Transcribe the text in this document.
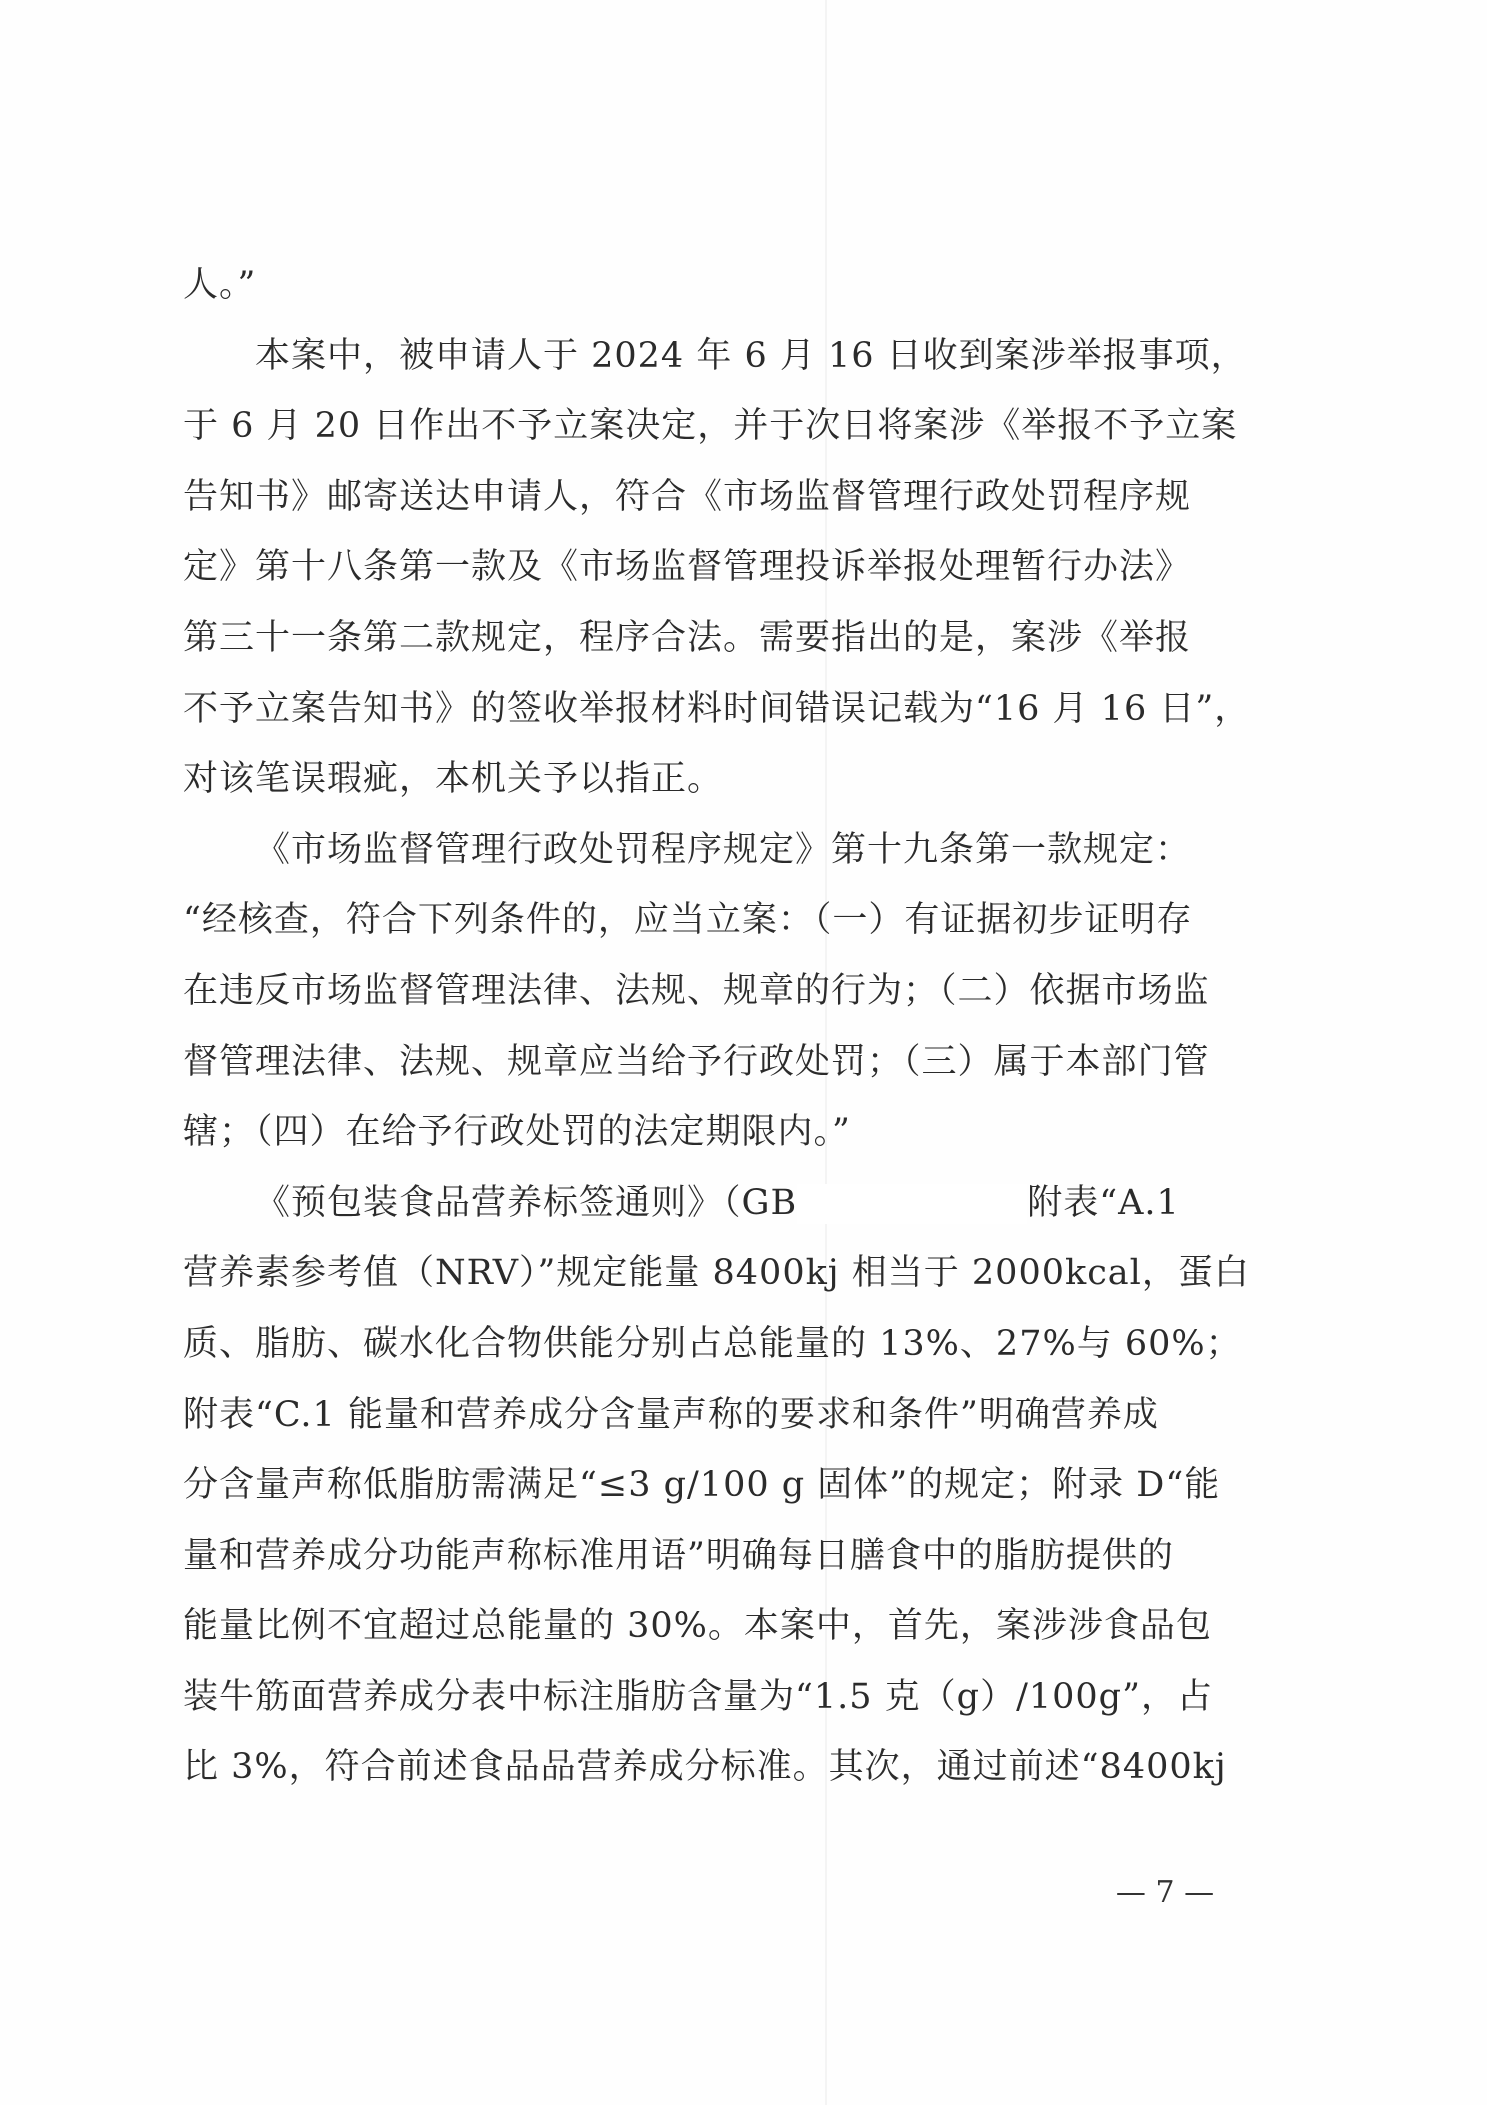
人。”
本案中，被申请人于 2024 年 6 月 16 日收到案涉举报事项，
于 6 月 20 日作出不予立案决定，并于次日将案涉《举报不予立案
告知书》邮寄送达申请人，符合《市场监督管理行政处罚程序规
定》第十八条第一款及《市场监督管理投诉举报处理暂行办法》
第三十一条第二款规定，程序合法。需要指出的是，案涉《举报
不予立案告知书》的签收举报材料时间错误记载为“16 月 16 日”，
对该笔误瑕疵，本机关予以指正。
《市场监督管理行政处罚程序规定》第十九条第一款规定：
“经核查，符合下列条件的，应当立案：（一）有证据初步证明存
在违反市场监督管理法律、法规、规章的行为；（二）依据市场监
督管理法律、法规、规章应当给予行政处罚；（三）属于本部门管
辖；（四）在给予行政处罚的法定期限内。”
《预包装食品营养标签通则》（GB	附表“A.1
营养素参考值（NRV）”规定能量 8400kj 相当于 2000kcal，蛋白
质、脂肪、碳水化合物供能分别占总能量的 13%、27%与 60%；
附表“C.1 能量和营养成分含量声称的要求和条件”明确营养成
分含量声称低脂肪需满足“≤3 g/100 g 固体”的规定；附录 D“能
量和营养成分功能声称标准用语”明确每日膳食中的脂肪提供的
能量比例不宜超过总能量的 30%。本案中，首先，案涉涉食品包
装牛筋面营养成分表中标注脂肪含量为“1.5 克（g）/100g”，占
比 3%，符合前述食品品营养成分标准。其次，通过前述“8400kj
— 7 —
